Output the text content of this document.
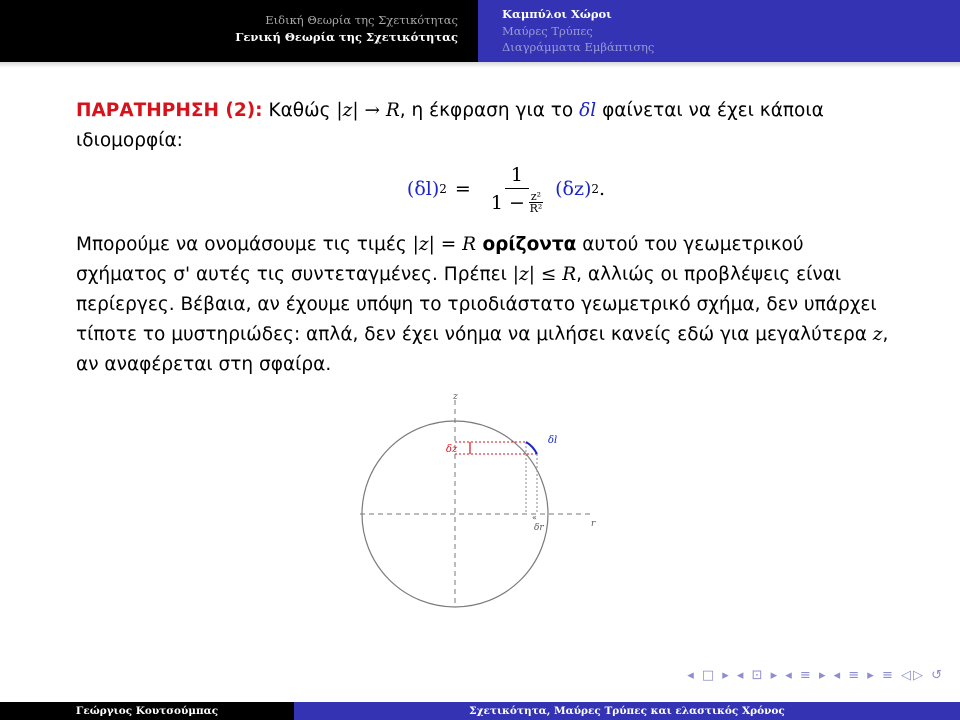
Ειδική Θεωρία της Σχετικότητας
Γενική Θεωρία της Σχετικότητας
Καμπύλοι Χώροι
Μαύρες Τρύπες
Διαγράμματα Εμβάπτισης

ΠΑΡΑΤΗΡΗΣΗ (2): Καθώς |z| → R, η έκφραση για το δl φαίνεται να έχει κάποια ιδιομορφία:

(δl) $2 = \frac{1}{1 - \frac{\text{z²}}{\text{R²}}} (\delta z)$ 2 .

Μπορούμε να ονομάσουμε τις τιμές |z| = R ορίζοντα αυτού του γεωμετρικού σχήματος σ' αυτές τις συντεταγμένες. Πρέπει |z| ≤ R, αλλιώς οι προβλέψεις είναι περίεργες. Βέβαια, αν έχουμε υπόψη το τριοδιάστατο γεωμετρικό σχήμα, δεν υπάρχει τίποτε το μυστηριώδες: απλά, δεν έχει νόημα να μιλήσει κανείς εδώ για μεγαλύτερα z, αν αναφέρεται στη σφαίρα.

z
r
δz
«
δr
δl
◂ □ ▸ ◂ ⊡ ▸ ◂ ≡ ▸ ◂ ≡ ▸ ≡ ◁▷ ↺
Γεώργιος Κουτσούμπας	Σχετικότητα, Μαύρες Τρύπες και ελαστικός Χρόνος
